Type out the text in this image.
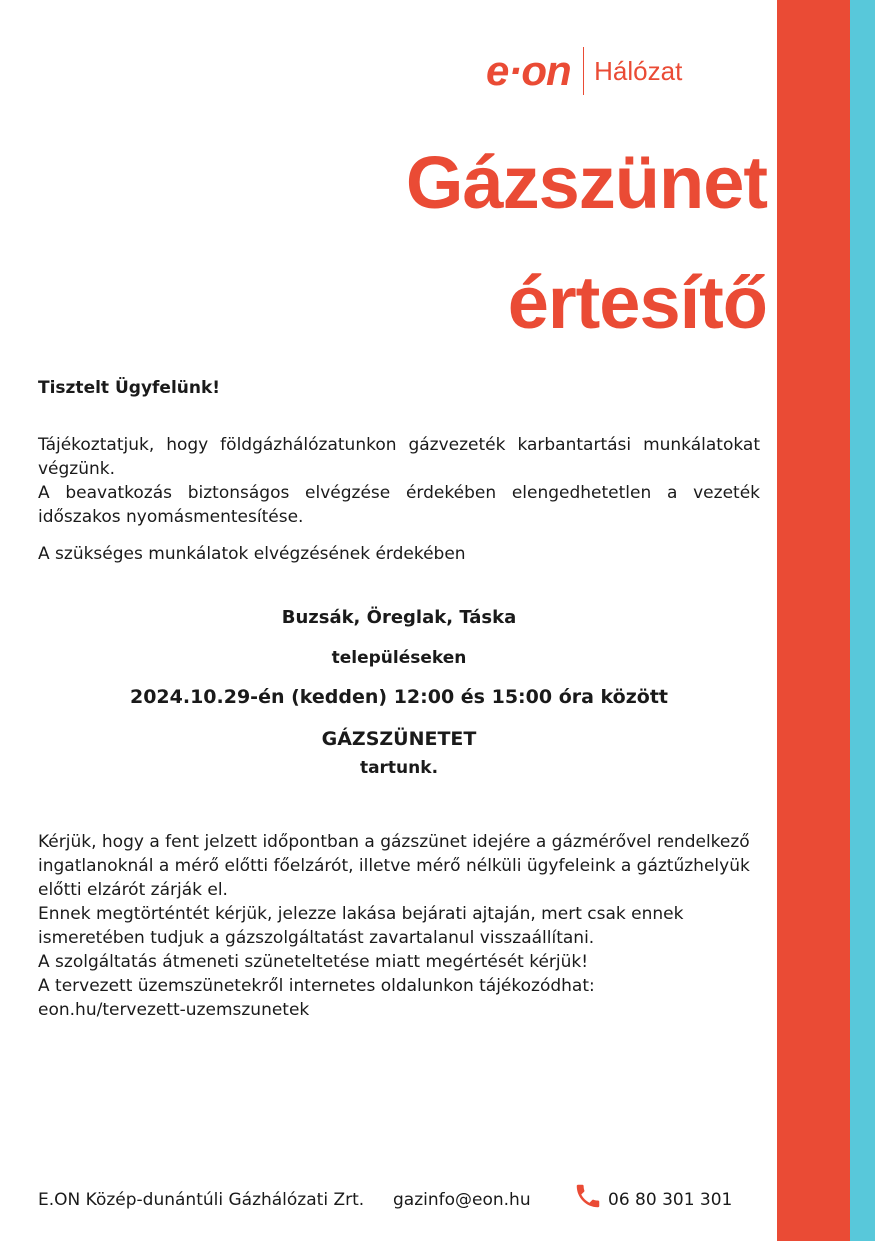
e·on Hálózat
Gázszünet
értesítő

Tisztelt Ügyfelünk!

Tájékoztatjuk, hogy földgázhálózatunkon gázvezeték karbantartási munkálatokat végzünk.
A beavatkozás biztonságos elvégzése érdekében elengedhetetlen a vezeték időszakos nyomásmentesítése.

A szükséges munkálatok elvégzésének érdekében

Buzsák, Öreglak, Táska

településeken

2024.10.29-én (kedden) 12:00 és 15:00 óra között

GÁZSZÜNETET

tartunk.

Kérjük, hogy a fent jelzett időpontban a gázszünet idejére a gázmérővel rendelkező ingatlanoknál a mérő előtti főelzárót, illetve mérő nélküli ügyfeleink a gáztűzhelyük előtti elzárót zárják el.

Ennek megtörténtét kérjük, jelezze lakása bejárati ajtaján, mert csak ennek ismeretében tudjuk a gázszolgáltatást zavartalanul visszaállítani.

A szolgáltatás átmeneti szüneteltetése miatt megértését kérjük!

A tervezett üzemszünetekről internetes oldalunkon tájékozódhat:

eon.hu/tervezett-uzemszunetek

E.ON Közép-dunántúli Gázhálózati Zrt. gazinfo@eon.hu	06 80 301 301
